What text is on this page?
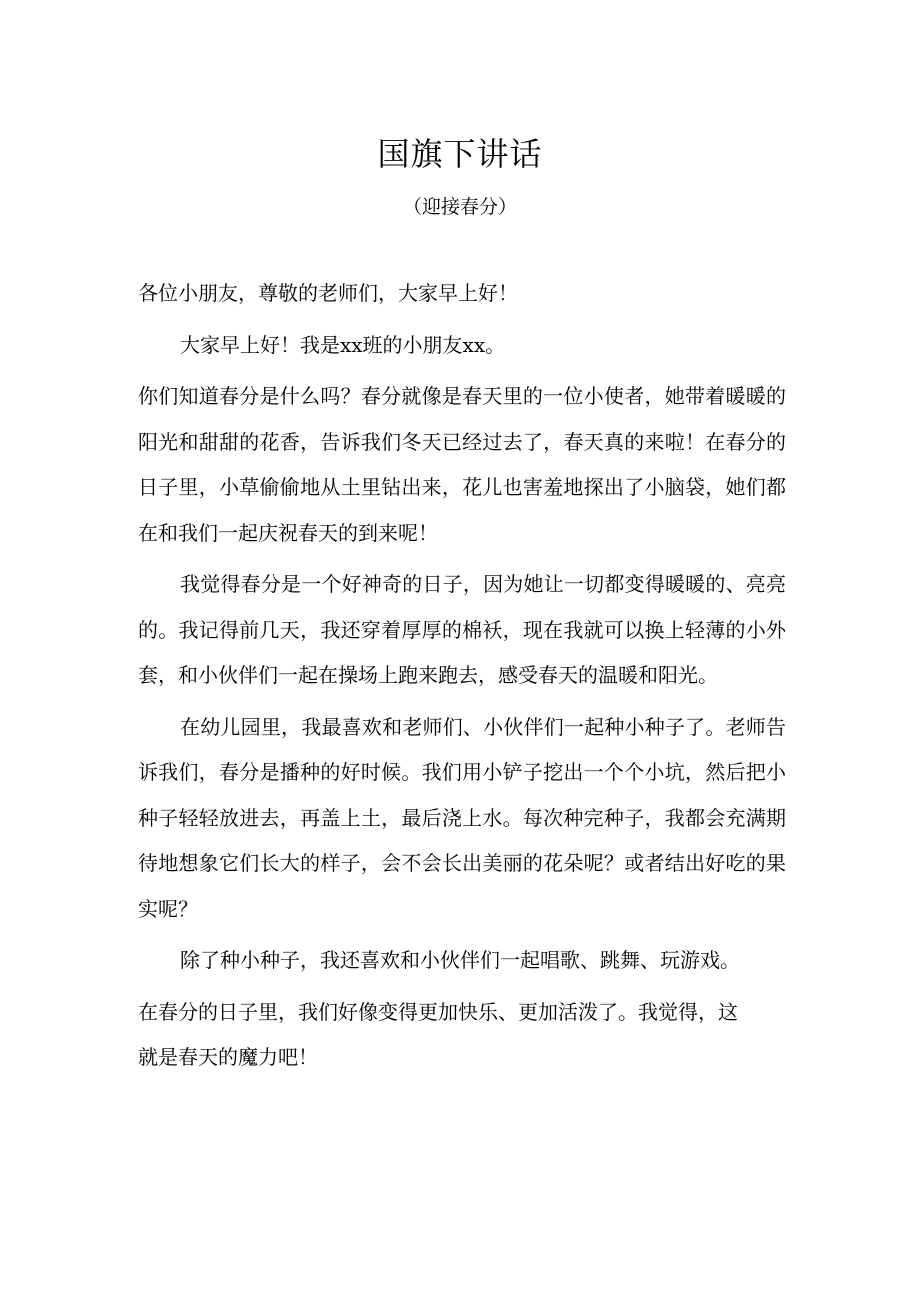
国旗下讲话
（迎接春分）

各位小朋友，尊敬的老师们，大家早上好！

大家早上好！我是xx班的小朋友xx。

你们知道春分是什么吗？春分就像是春天里的一位小使者，她带着暖暖的阳光和甜甜的花香，告诉我们冬天已经过去了，春天真的来啦！在春分的日子里，小草偷偷地从土里钻出来，花儿也害羞地探出了小脑袋，她们都在和我们一起庆祝春天的到来呢！

我觉得春分是一个好神奇的日子，因为她让一切都变得暖暖的、亮亮的。我记得前几天，我还穿着厚厚的棉袄，现在我就可以换上轻薄的小外套，和小伙伴们一起在操场上跑来跑去，感受春天的温暖和阳光。

在幼儿园里，我最喜欢和老师们、小伙伴们一起种小种子了。老师告诉我们，春分是播种的好时候。我们用小铲子挖出一个个小坑，然后把小种子轻轻放进去，再盖上土，最后浇上水。每次种完种子，我都会充满期待地想象它们长大的样子，会不会长出美丽的花朵呢？或者结出好吃的果实呢？

除了种小种子，我还喜欢和小伙伴们一起唱歌、跳舞、玩游戏。

在春分的日子里，我们好像变得更加快乐、更加活泼了。我觉得，这
就是春天的魔力吧！
